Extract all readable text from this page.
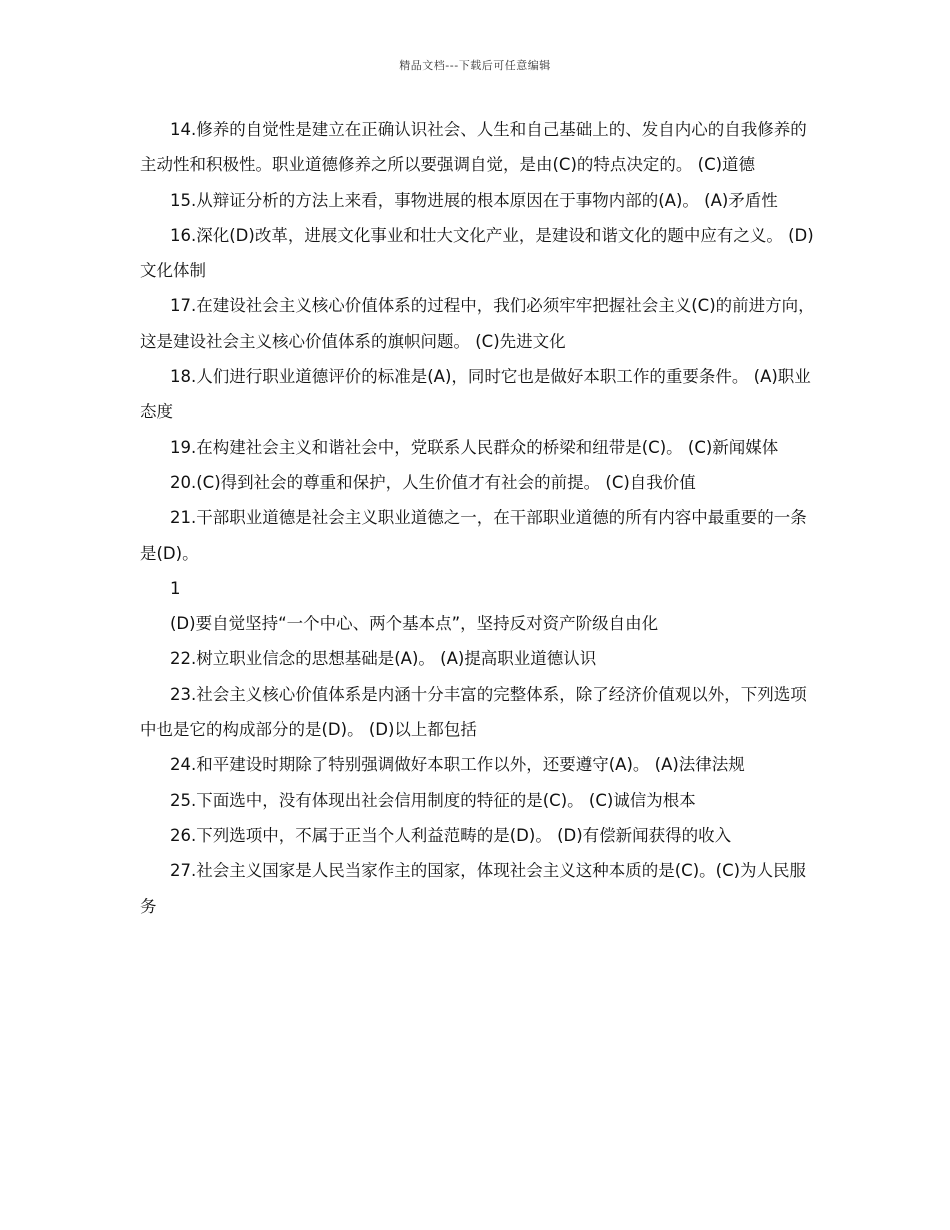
精品文档---下载后可任意编辑

14.修养的自觉性是建立在正确认识社会、人生和自己基础上的、发自内心的自我修养的主动性和积极性。职业道德修养之所以要强调自觉，是由(C)的特点决定的。 (C)道德

15.从辩证分析的方法上来看，事物进展的根本原因在于事物内部的(A)。 (A)矛盾性

16.深化(D)改革，进展文化事业和壮大文化产业，是建设和谐文化的题中应有之义。 (D)文化体制

17.在建设社会主义核心价值体系的过程中，我们必须牢牢把握社会主义(C)的前进方向，这是建设社会主义核心价值体系的旗帜问题。 (C)先进文化

18.人们进行职业道德评价的标准是(A)，同时它也是做好本职工作的重要条件。 (A)职业态度

19.在构建社会主义和谐社会中，党联系人民群众的桥梁和纽带是(C)。 (C)新闻媒体

20.(C)得到社会的尊重和保护，人生价值才有社会的前提。 (C)自我价值

21.干部职业道德是社会主义职业道德之一，在干部职业道德的所有内容中最重要的一条是(D)。

1

(D)要自觉坚持“一个中心、两个基本点”，坚持反对资产阶级自由化

22.树立职业信念的思想基础是(A)。 (A)提高职业道德认识

23.社会主义核心价值体系是内涵十分丰富的完整体系，除了经济价值观以外，下列选项中也是它的构成部分的是(D)。 (D)以上都包括

24.和平建设时期除了特别强调做好本职工作以外，还要遵守(A)。 (A)法律法规

25.下面选中，没有体现出社会信用制度的特征的是(C)。 (C)诚信为根本

26.下列选项中，不属于正当个人利益范畴的是(D)。 (D)有偿新闻获得的收入

27.社会主义国家是人民当家作主的国家，体现社会主义这种本质的是(C)。(C)为人民服务
